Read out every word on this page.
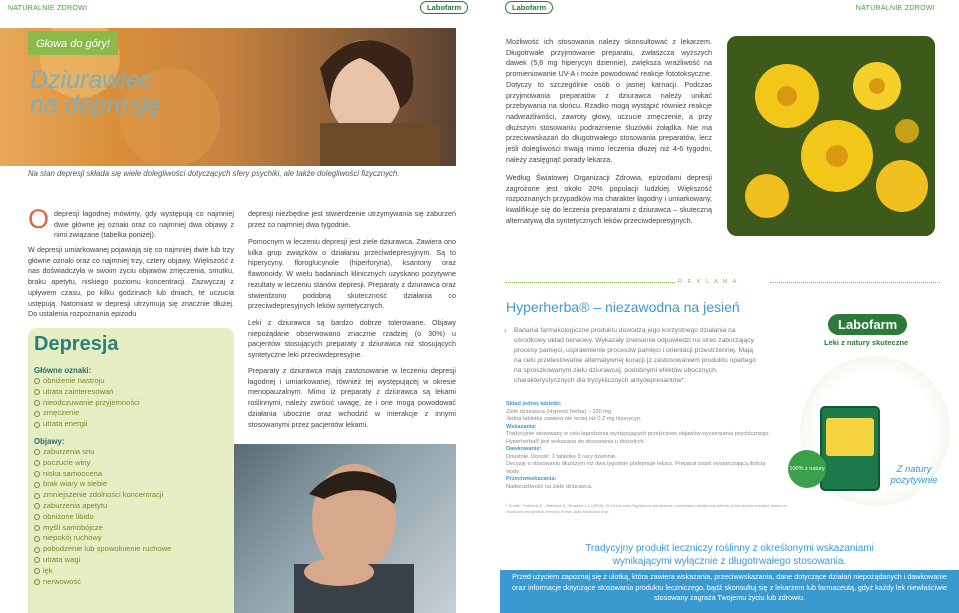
NATURALNIE ZDROWI	Labofarm	Labofarm	NATURALNIE ZDROWI
Głowa do góry!
Dziurawiec
na depresję
Na stan depresji składa się wiele dolegliwości dotyczących sfery psychiki, ale także dolegliwości fizycznych.
O depresji łagodnej mówimy, gdy występują co najmniej dwie główne jej oznaki oraz co najmniej dwa objawy z nimi związane (tabelka poniżej).
W depresji umiarkowanej pojawiają się co najmniej dwie lub trzy główne oznaki oraz co najmniej trzy, cztery objawy. Większość z nas doświadczyła w swoim życiu objawów zmęczenia, smutku, braku apetytu, niskiego poziomu koncentracji. Zazwyczaj z upływem czasu, po kilku godzinach lub dniach, te uczucia ustępują. Natomiast w depresji utrzymują się znacznie dłużej. Do ustalenia rozpoznania epizodu
Depresja
Główne oznaki:
obniżenie nastroju
utrata zainteresowań
nieodczuwanie przyjemności
zmęczenie
utrata energii
Objawy:
zaburzenia snu
poczucie winy
niska samoocena
brak wiary w siebie
zmniejszenie zdolności koncentracji
zaburzenia apetytu
obniżone libido
myśli samobójcze
niepokój ruchowy
pobudzenie lub spowolnienie ruchowe
utrata wagi
lęk
nerwowość
depresji niezbędne jest stwierdzenie utrzymywania się zaburzeń przez co najmniej dwa tygodnie.
Pomocnym w leczeniu depresji jest ziele dziurawca. Zawiera ono kilka grup związków o działaniu przeciwdepresyjnym. Są to hiperycyny, floroglucynole (hiperforyna), ksantony oraz flawonoidy. W wielu badaniach klinicznych uzyskano pozytywne rezultaty w leczeniu stanów depresji. Preparaty z dziurawca oraz stwierdzono podobną skuteczność działania co przeciwdepresyjnych leków syntetycznych.
Leki z dziurawca są bardzo dobrze tolerowane. Objawy niepożądane obserwowano znacznie rzadziej (o 30%) u pacjentów stosujących preparaty z dziurawca niż stosujących syntetyczne leki przeciwdepresyjne.
Preparaty z dziurawca mają zastosowanie w leczeniu depresji łagodnej i umiarkowanej, również tej występującej w okresie menopauzalnym. Mimo iż preparaty z dziurawca są lekami roślinnymi, należy zwrócić uwagę, że i one mogą powodować działania uboczne oraz wchodzić w interakcje z innymi stosowanymi przez pacjentów lekami.
Możliwość ich stosowania należy skonsultować z lekarzem. Długotrwałe przyjmowanie preparatu, zwłaszcza wyższych dawek (5,6 mg hiperycyn dziennie), zwiększa wrażliwość na promieniowanie UV-A i może powodować reakcje fototoksyczne. Dotyczy to szczególnie osób o jasnej karnacji. Podczas przyjmowania preparatów z dziurawca należy unikać przebywania na słońcu. Rzadko mogą wystąpić również reakcje nadwrażliwości, zawroty głowy, uczucie zmęczenie, a przy dłuższym stosowaniu podrażnienie śluzówki żołądka. Nie ma przeciwwskazań do długotrwałego stosowania preparatów, lecz jeśli dolegliwości trwają mimo leczenia dłużej niż 4-6 tygodni, należy zasięgnąć porady lekarza.
Według Światowej Organizacji Zdrowia, epizodami depresji zagrożone jest około 20% populacji ludzkiej. Większość rozpoznanych przypadków ma charakter łagodny i umiarkowany, kwalifikuje się do leczenia preparatami z dziurawca – skuteczną alternatywą dla syntetycznych leków przeciwdepresyjnych.
R E K L A M A
Hyperherba® – niezawodna na jesień
Badania farmakologiczne produktu dowodzą jego korzystnego działania na ośrodkowy układ nerwowy. Wykazały zniesienie odpowiedzi na stres zaburzający procesy pamięci, usprawnienie procesów pamięci i orientacji przestrzennej. Mają na celu przetestowanie alternatywnej kuracji [z zastosowaniem produktu opartego na sproszkowanym zielu dziurawca], podobnymi efektów ubocznych, charakterystycznych dla trycyklicznych antydepresantów*.
›	Labofarm
Leki z natury skuteczne
100% z natury	Z natury pozytywnie
Skład jednej tabletki:
Ziele dziurawca (Hyperici herba) – 330 mg
Jedna tabletka zawiera nie mniej niż 0,2 mg hiperycyn.
Wskazania:
Tradycyjnie stosowany w celu łagodzenia występujących przejściowo objawów wyczerpania psychicznego. Hyperherba® jest wskazana do stosowania u dorosłych.
Dawkowanie:
Doustnie. Dorośli: 1 tabletkę 3 razy dziennie.
Decyzję o stosowaniu dłuższym niż dwa tygodnie podejmuje lekarz. Preparat popić wystarczającą ilością wody.
Przeciwwskazania:
Nadwrażliwość na ziele dziurawca.
* Źródło: Trofimiuk E., Walesiuk A., Braszko J.J. (2005): St John's wort (Hypericum perforatum) counteracts deleterious effects of the chronic restraint stress on recall and recognition memory in rats. Acta Neurobiol Exp.
Tradycyjny produkt leczniczy roślinny z określonymi wskazaniami
wynikającymi wyłącznie z długotrwałego stosowania.
Przed użyciem zapoznaj się z ulotką, która zawiera wskazania, przeciwwskazania, dane dotyczące działań niepożądanych i dawkowanie oraz informacje dotyczące stosowania produktu leczniczego, bądź skonsultuj się z lekarzem lub farmaceutą, gdyż każdy lek niewłaściwie stosowany zagraża Twojemu życiu lub zdrowiu.
